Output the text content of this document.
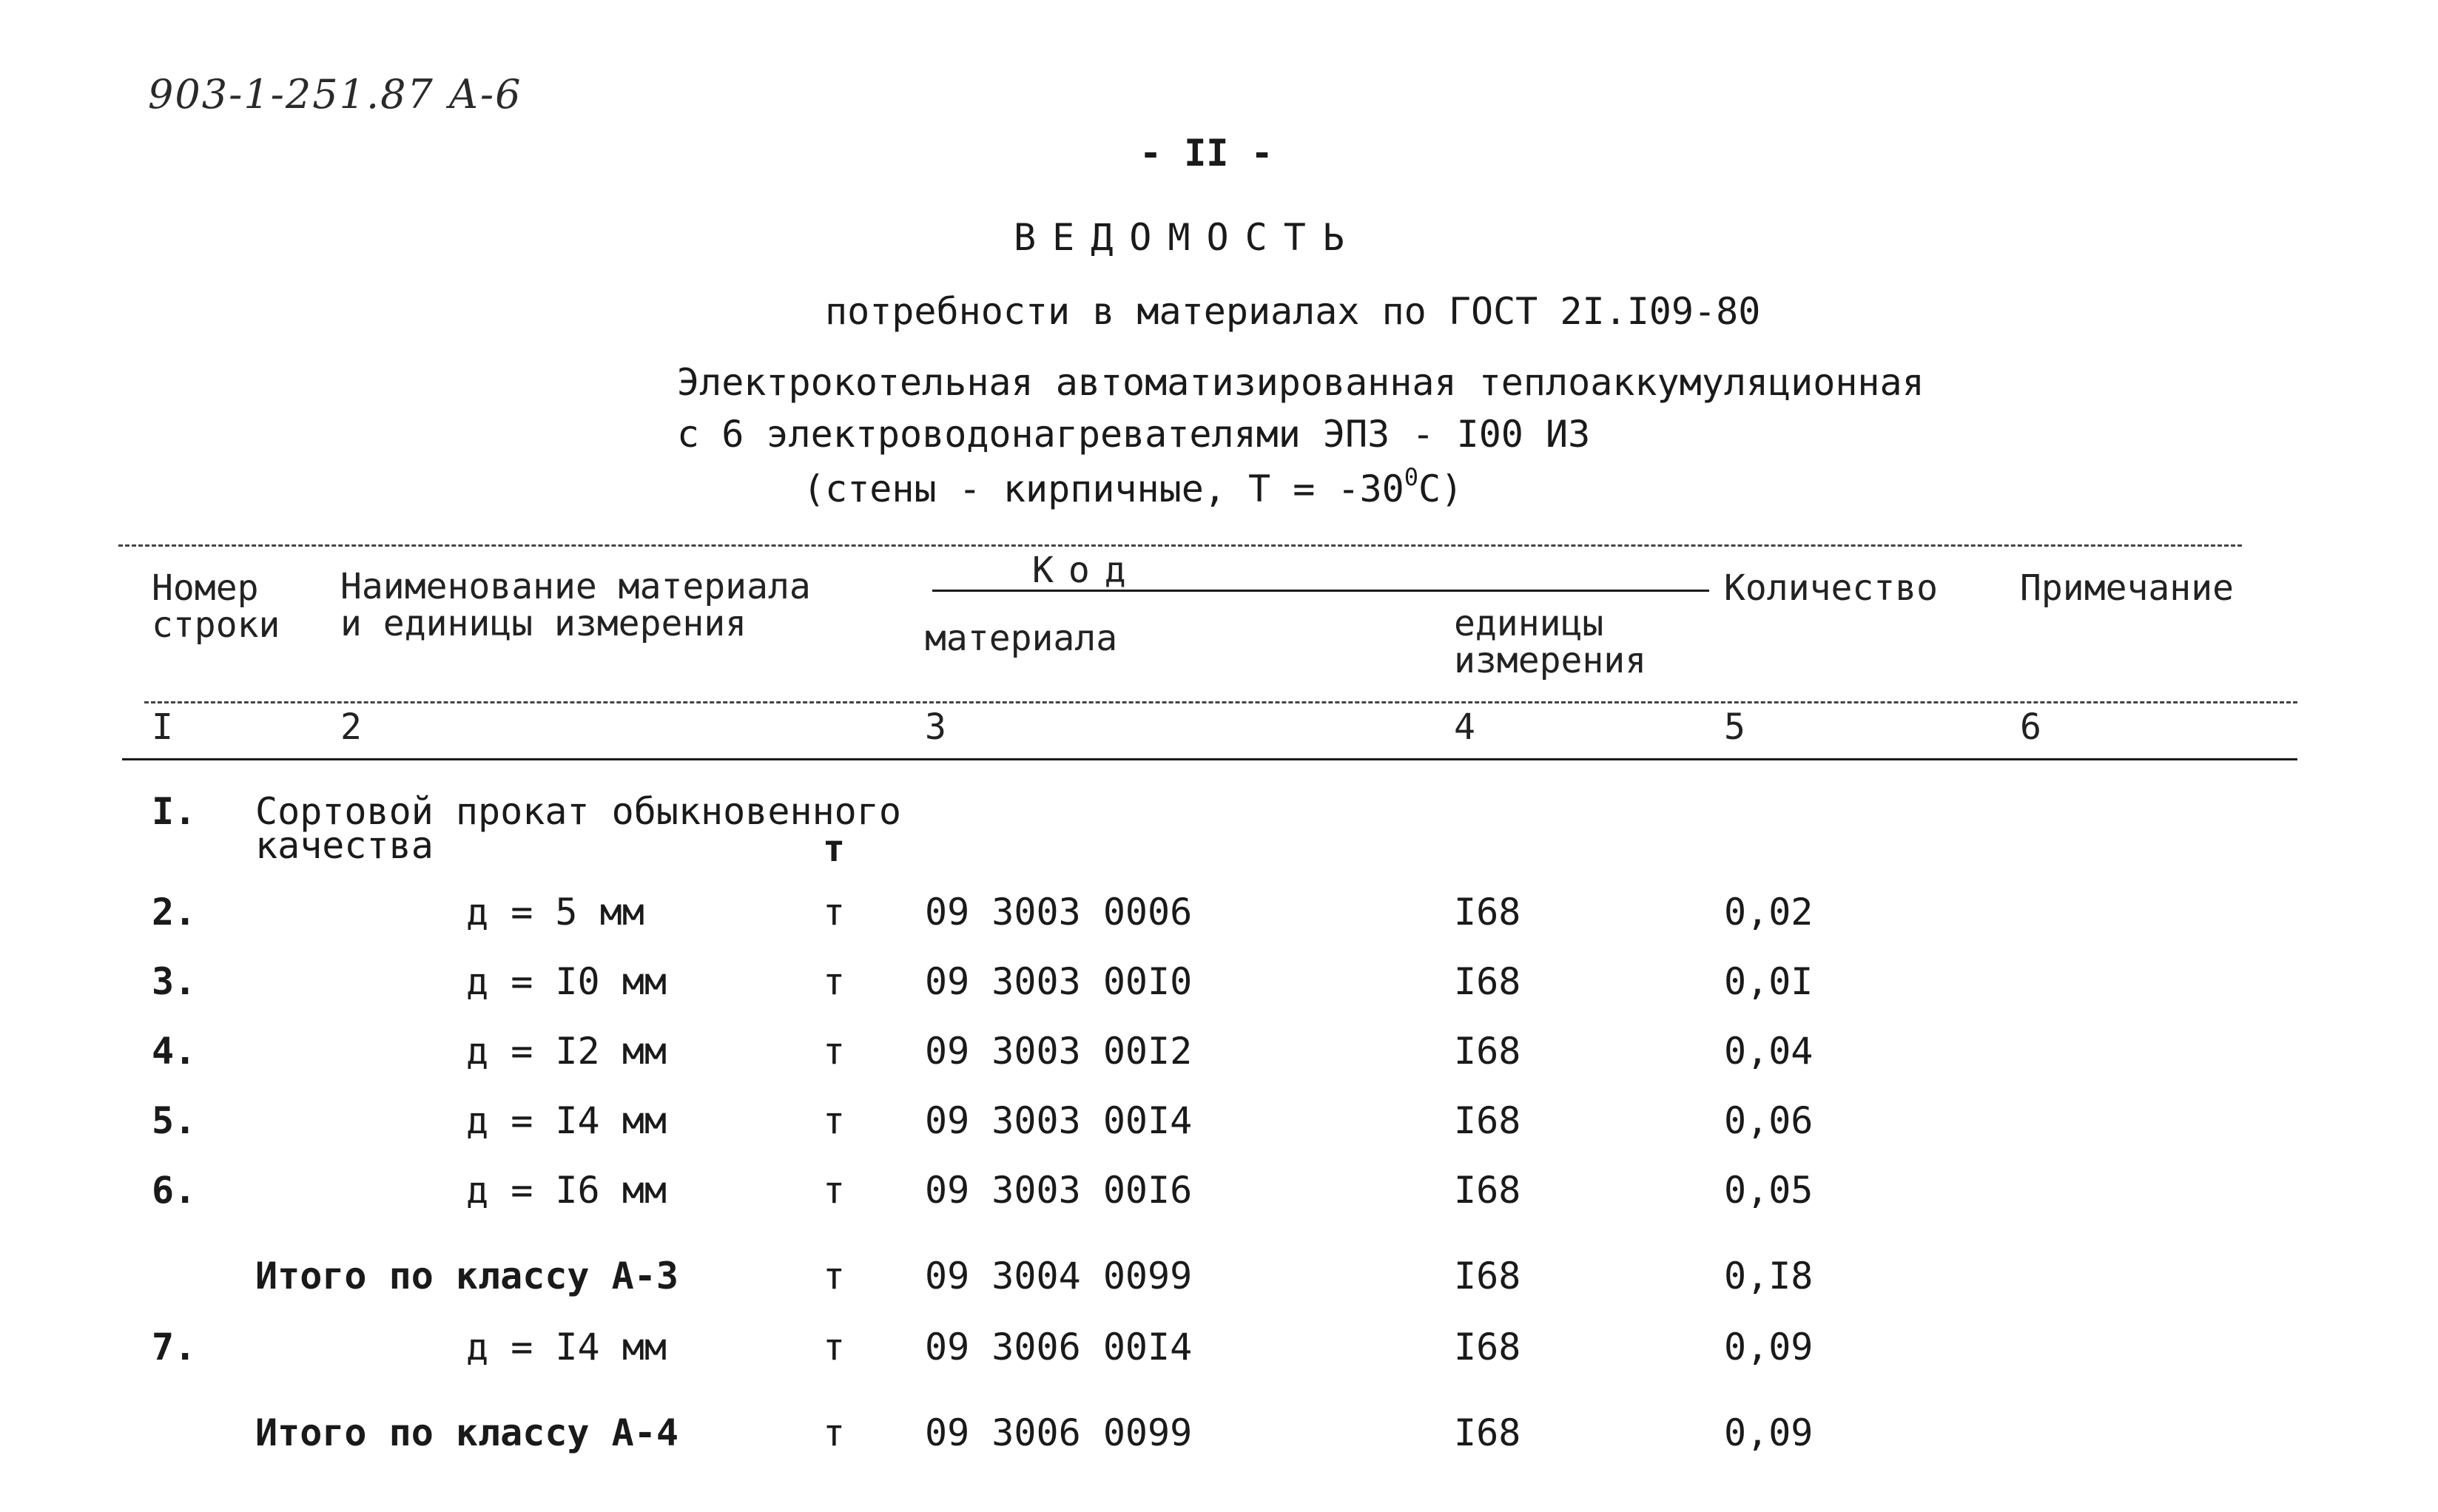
903-1-251.87 А-6
- II -
ВЕДОМОСТЬ
потребности в материалах по ГОСТ 2I.I09-80
Электрокотельная автоматизированная теплоаккумуляционная
с 6 электроводонагревателями ЭПЗ - I00 ИЗ
(стены - кирпичные, $Т = -30^0С$)
Номер
строки
Наименование материала
и единицы измерения
Код
материала	единицы
измерения
Количество Примечание
I	2	3	4	5	6
I. Сортовой прокат обыкновенного
качества	т
2.	д = 5 мм	т 09 3003 0006	I68	0,02
3.	д = I0 мм	т 09 3003 00I0	I68	0,0I
4.	д = I2 мм	т 09 3003 00I2	I68	0,04
5.	д = I4 мм	т 09 3003 00I4	I68	0,06
6.	д = I6 мм	т 09 3003 00I6	I68	0,05
Итого по классу А-3	т 09 3004 0099	I68	0,I8
7.	д = I4 мм	т 09 3006 00I4	I68	0,09
Итого по классу А-4	т 09 3006 0099	I68	0,09
